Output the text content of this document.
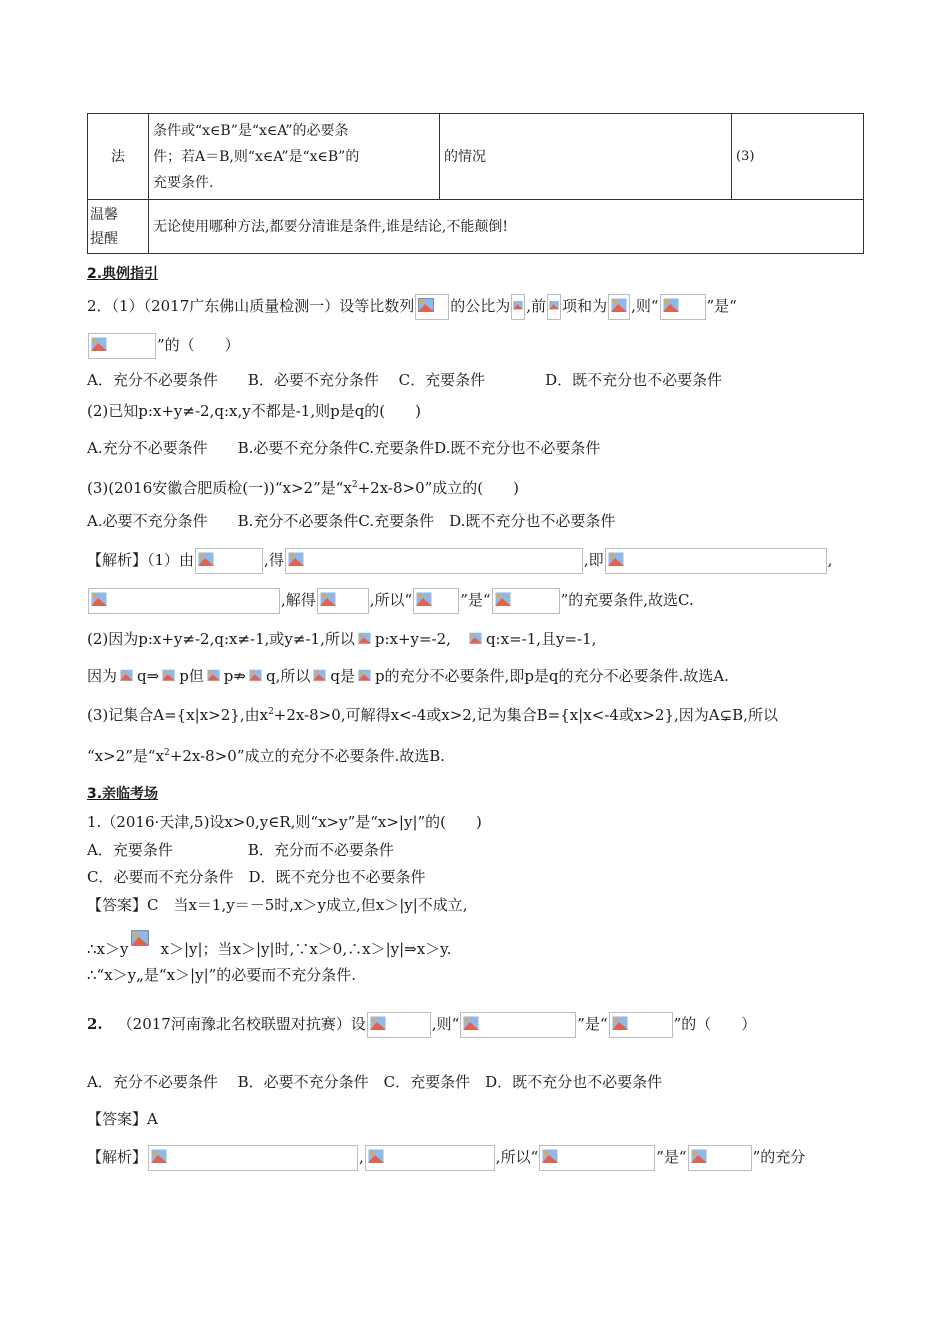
法	条件或“x∈B”是“x∈A”的必要条
件；若A＝B,则“x∈A”是“x∈B”的
充要条件.	的情况	(3)

温馨
提醒	无论使用哪种方法,都要分清谁是条件,谁是结论,不能颠倒!		
2.典例指引
2．（1）（2017广东佛山质量检测一）设等比数列 的公比为 ,前 项和为 ,则“	”是“
”的（　　）
A．充分不必要条件　　B．必要不充分条件　 C．充要条件　　　　D．既不充分也不必要条件
(2)已知p:x+y≠-2,q:x,y不都是-1,则p是q的(　　)
A.充分不必要条件　　B.必要不充分条件C.充要条件D.既不充分也不必要条件
(3)(2016安徽合肥质检(一))“x>2”是“$x^2+2x-8>0$”成立的(　　)
A.必要不充分条件　　B.充分不必要条件C.充要条件　D.既不充分也不必要条件
【解析】（1）由	,得	,即	,
,解得	,所以“	”是“	”的充要条件,故选C.
(2)因为p:x+y≠-2,q:x≠-1,或y≠-1,所以 p:x+y=-2,  q:x=-1,且y=-1,
因为 q⇒ p但 p⇏ q,所以 q是 p的充分不必要条件,即p是q的充分不必要条件.故选A.
(3)记集合A={x|x>2},由$x^2+2x-8>0$,可解得x<-4或x>2,记为集合B={x|x<-4或x>2},因为A⊊B,所以
“x>2”是“$x^2+2x-8>0$”成立的充分不必要条件.故选B.
3.亲临考场
1.（2016·天津,5)设x>0,y∈R,则“x>y”是“x>|y|”的(　　)
A．充要条件　　　　　B．充分而不必要条件
C．必要而不充分条件　D．既不充分也不必要条件
【答案】C　当x＝1,y＝－5时,x＞y成立,但x＞|y|不成立,
∴x＞y x＞|y|；当x＞|y|时,∵x＞0,∴x＞|y|⇒x＞y.
∴“x＞y„是“x＞|y|”的必要而不充分条件.
2.  （2017河南豫北名校联盟对抗赛）设	,则“	”是“	”的（　　）
A．充分不必要条件　 B．必要不充分条件　C．充要条件　D．既不充分也不必要条件
【答案】A
【解析】	,	,所以“	”是“	”的充分
